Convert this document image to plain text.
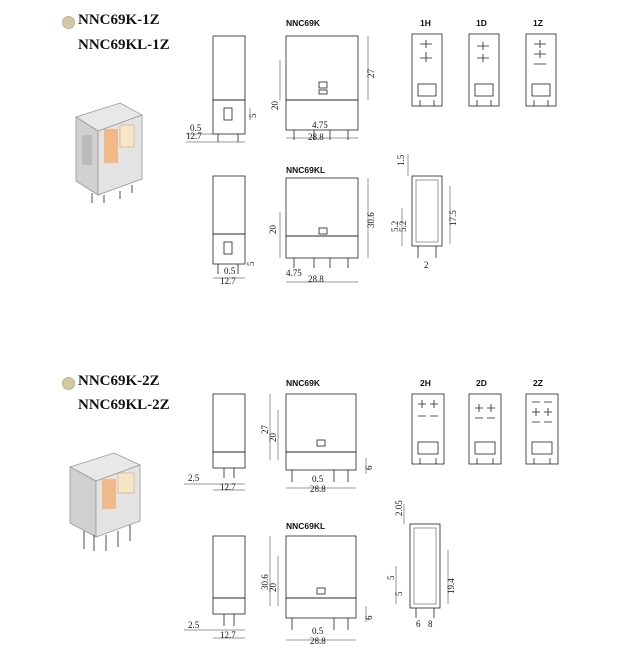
NNC69K-1Z
NNC69KL-1Z
NNC69K
NNC69KL
1H	1D	1Z
0.5
12.7
5
20
27
4.75
28.8
0.5
12.7
5
20
30.6
4.75
28.8
1.5
5.2
5.2
17.5
2
NNC69K-2Z
NNC69KL-2Z
NNC69K
NNC69KL
2H	2D	2Z
2.5
12.7
27
20
0.5
28.8
6
2.5
12.7
30.6
20
0.5
28.8
6
2.05
5
5	19.4
6 8
